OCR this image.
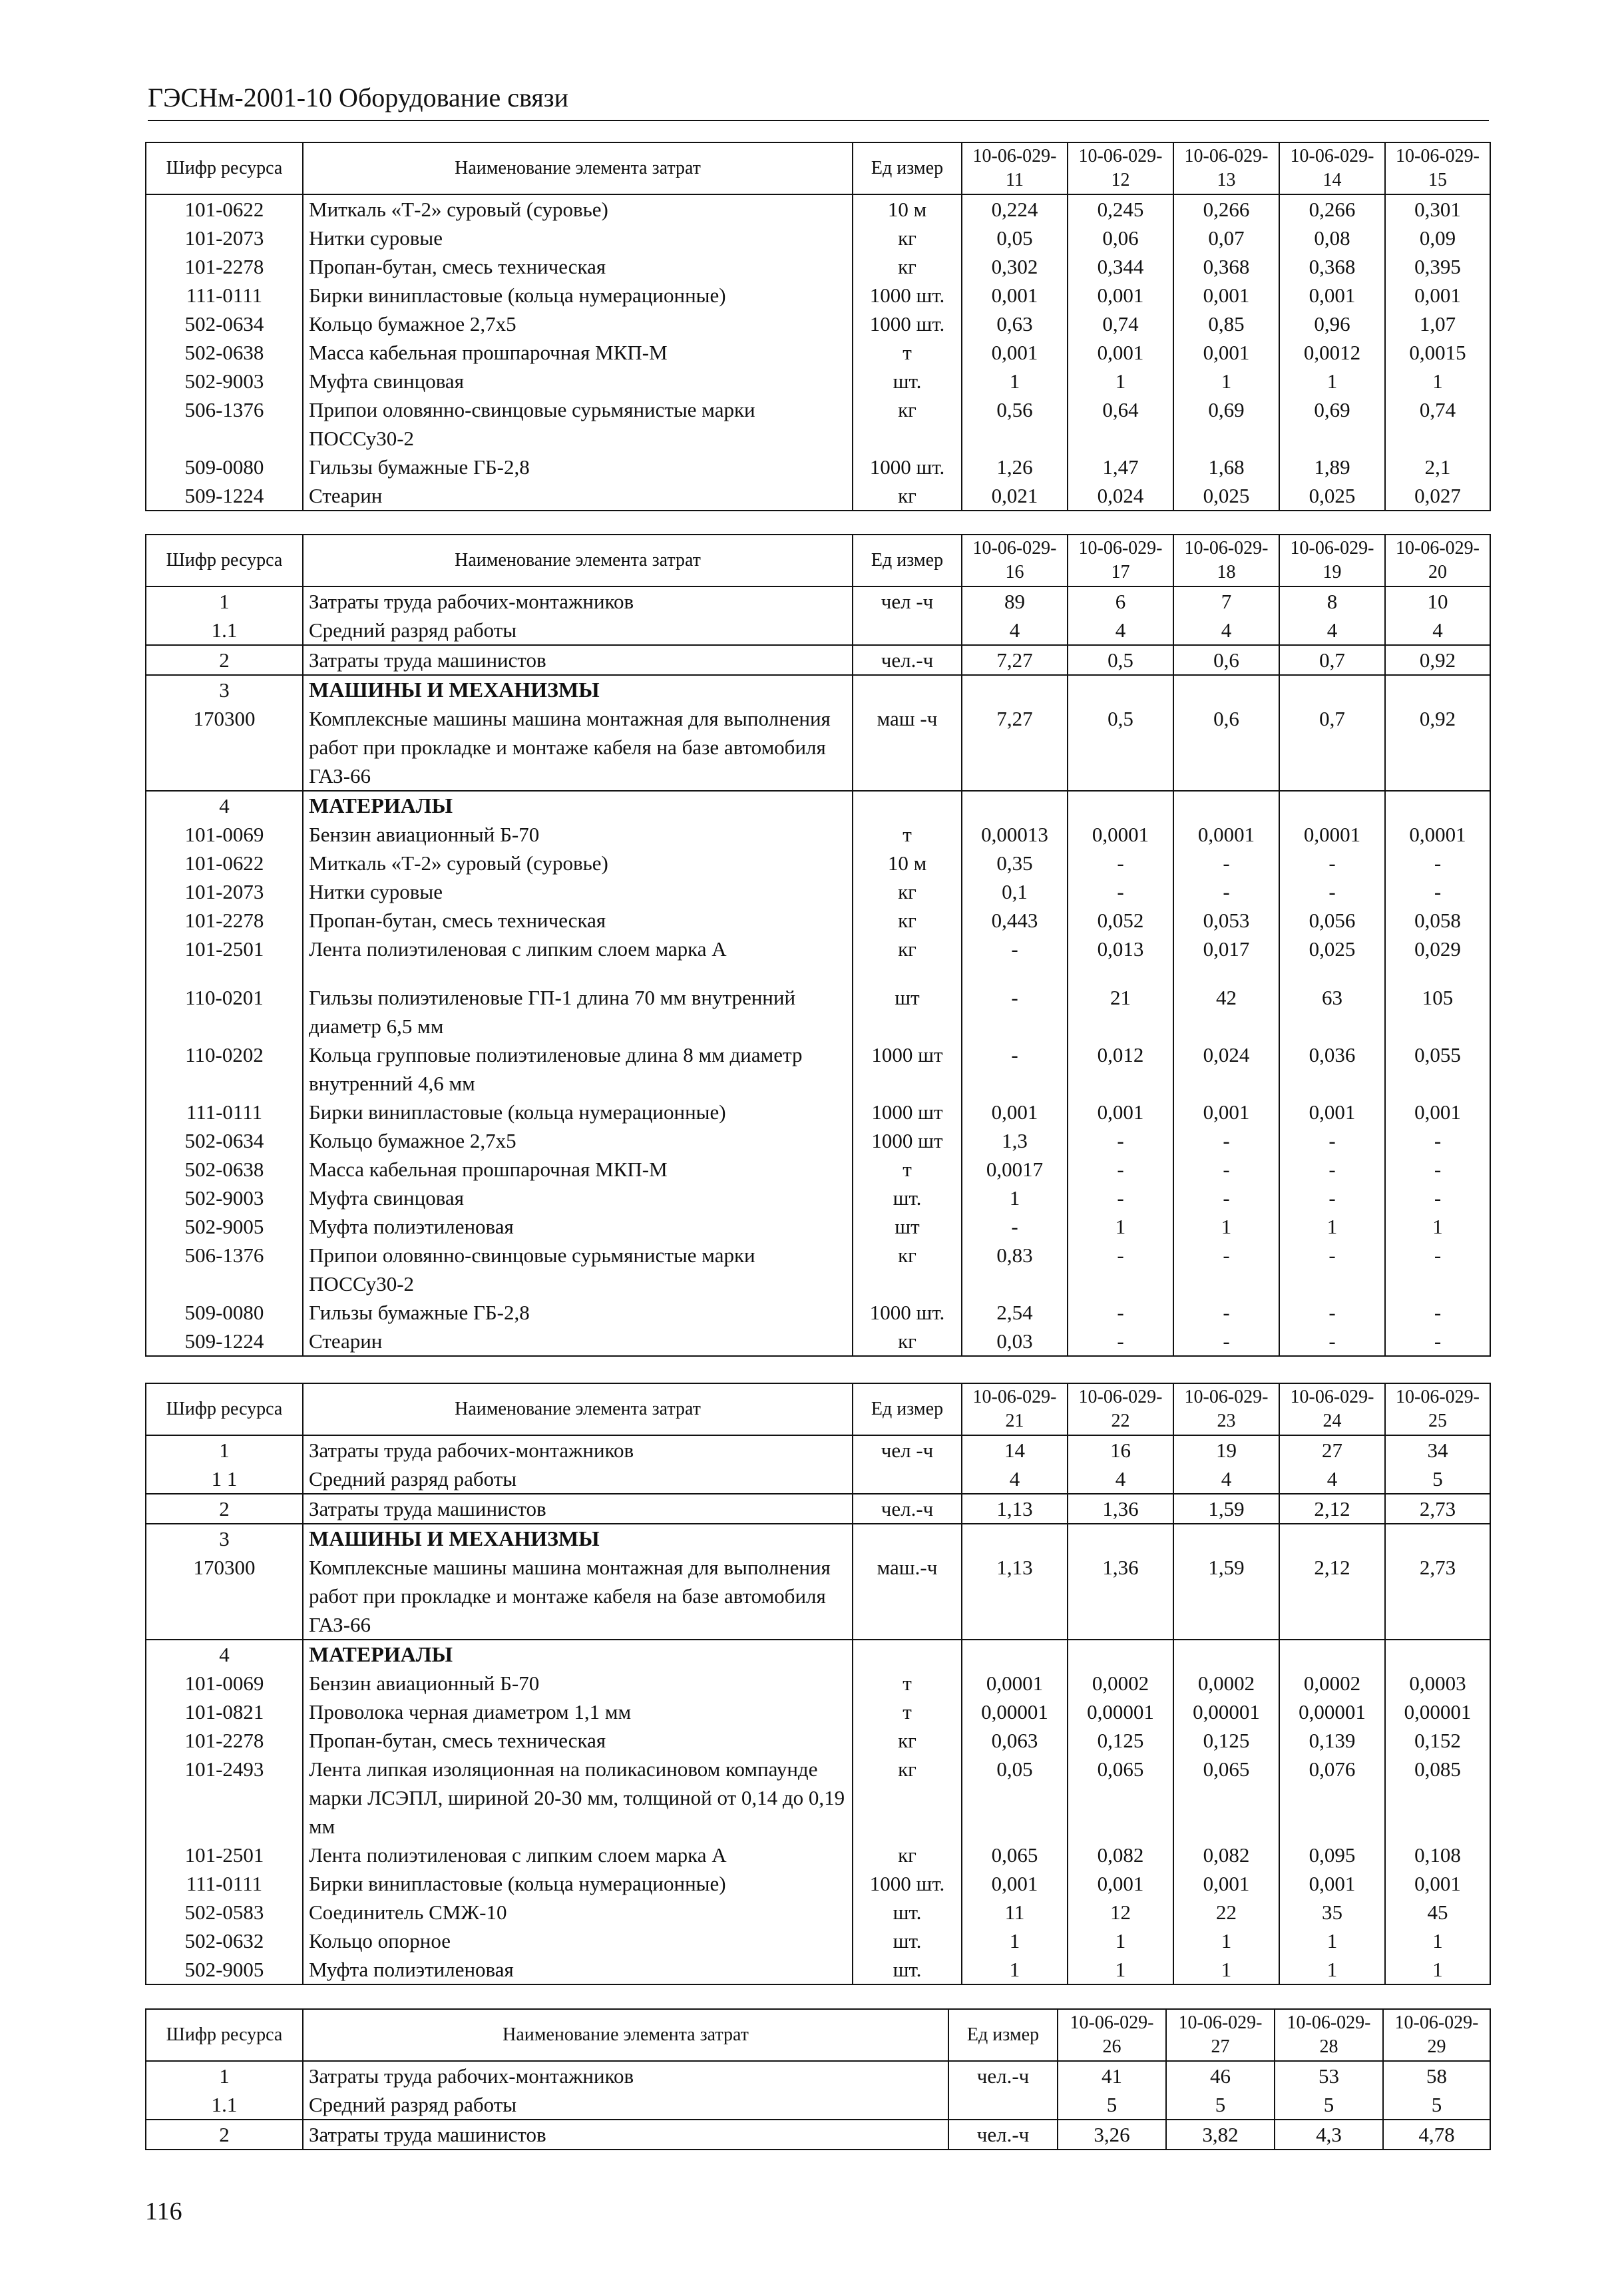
ГЭСНм-2001-10 Оборудование связи
Шифр ресурса	Наименование элемента затрат	Ед измер	10-06-029-11	10-06-029-12	10-06-029-13	10-06-029-14	10-06-029-15
101-0622	Миткаль «Т-2» суровый (суровье)	10 м	0,224	0,245	0,266	0,266	0,301
101-2073	Нитки суровые	кг	0,05	0,06	0,07	0,08	0,09
101-2278	Пропан-бутан, смесь техническая	кг	0,302	0,344	0,368	0,368	0,395
111-0111	Бирки винипластовые (кольца нумерационные)	1000 шт.	0,001	0,001	0,001	0,001	0,001
502-0634	Кольцо бумажное 2,7х5	1000 шт.	0,63	0,74	0,85	0,96	1,07
502-0638	Масса кабельная прошпарочная МКП-М	т	0,001	0,001	0,001	0,0012	0,0015
502-9003	Муфта свинцовая	шт.	1	1	1	1	1
506-1376	Припои оловянно-свинцовые сурьмянистые марки ПОССу30-2	кг	0,56	0,64	0,69	0,69	0,74
509-0080	Гильзы бумажные ГБ-2,8	1000 шт.	1,26	1,47	1,68	1,89	2,1
509-1224	Стеарин	кг	0,021	0,024	0,025	0,025	0,027
Шифр ресурса	Наименование элемента затрат	Ед измер	10-06-029-16	10-06-029-17	10-06-029-18	10-06-029-19	10-06-029-20
1	Затраты труда рабочих-монтажников	чел -ч	89	6	7	8	10
1.1	Средний разряд работы		4	4	4	4	4
2	Затраты труда машинистов	чел.-ч	7,27	0,5	0,6	0,7	0,92
3	МАШИНЫ И МЕХАНИЗМЫ						
170300	Комплексные машины машина монтажная для выполнения работ при прокладке и монтаже кабеля на базе автомобиля ГАЗ-66	маш -ч	7,27	0,5	0,6	0,7	0,92
4	МАТЕРИАЛЫ						
101-0069	Бензин авиационный Б-70	т	0,00013	0,0001	0,0001	0,0001	0,0001
101-0622	Миткаль «Т-2» суровый (суровье)	10 м	0,35	-	-	-	-
101-2073	Нитки суровые	кг	0,1	-	-	-	-
101-2278	Пропан-бутан, смесь техническая	кг	0,443	0,052	0,053	0,056	0,058
101-2501	Лента полиэтиленовая с липким слоем марка А	кг	-	0,013	0,017	0,025	0,029

110-0201	Гильзы полиэтиленовые ГП-1 длина 70 мм внутренний диаметр 6,5 мм	шт	-	21	42	63	105
110-0202	Кольца групповые полиэтиленовые длина 8 мм диаметр внутренний 4,6 мм	1000 шт	-	0,012	0,024	0,036	0,055
111-0111	Бирки винипластовые (кольца нумерационные)	1000 шт	0,001	0,001	0,001	0,001	0,001
502-0634	Кольцо бумажное 2,7х5	1000 шт	1,3	-	-	-	-
502-0638	Масса кабельная прошпарочная МКП-М	т	0,0017	-	-	-	-
502-9003	Муфта свинцовая	шт.	1	-	-	-	-
502-9005	Муфта полиэтиленовая	шт	-	1	1	1	1
506-1376	Припои оловянно-свинцовые сурьмянистые марки ПОССу30-2	кг	0,83	-	-	-	-
509-0080	Гильзы бумажные ГБ-2,8	1000 шт.	2,54	-	-	-	-
509-1224	Стеарин	кг	0,03	-	-	-	-
Шифр ресурса	Наименование элемента затрат	Ед измер	10-06-029-21	10-06-029-22	10-06-029-23	10-06-029-24	10-06-029-25
1	Затраты труда рабочих-монтажников	чел -ч	14	16	19	27	34
1 1	Средний разряд работы		4	4	4	4	5
2	Затраты труда машинистов	чел.-ч	1,13	1,36	1,59	2,12	2,73
3	МАШИНЫ И МЕХАНИЗМЫ						
170300	Комплексные машины машина монтажная для выполнения работ при прокладке и монтаже кабеля на базе автомобиля ГАЗ-66	маш.-ч	1,13	1,36	1,59	2,12	2,73
4	МАТЕРИАЛЫ						
101-0069	Бензин авиационный Б-70	т	0,0001	0,0002	0,0002	0,0002	0,0003
101-0821	Проволока черная диаметром 1,1 мм	т	0,00001	0,00001	0,00001	0,00001	0,00001
101-2278	Пропан-бутан, смесь техническая	кг	0,063	0,125	0,125	0,139	0,152
101-2493	Лента липкая изоляционная на поликасиновом компаунде марки ЛСЭПЛ, шириной 20-30 мм, толщиной от 0,14 до 0,19 мм	кг	0,05	0,065	0,065	0,076	0,085
101-2501	Лента полиэтиленовая с липким слоем марка А	кг	0,065	0,082	0,082	0,095	0,108
111-0111	Бирки винипластовые (кольца нумерационные)	1000 шт.	0,001	0,001	0,001	0,001	0,001
502-0583	Соединитель СМЖ-10	шт.	11	12	22	35	45
502-0632	Кольцо опорное	шт.	1	1	1	1	1
502-9005	Муфта полиэтиленовая	шт.	1	1	1	1	1
Шифр ресурса	Наименование элемента затрат	Ед измер	10-06-029-26	10-06-029-27	10-06-029-28	10-06-029-29
1	Затраты труда рабочих-монтажников	чел.-ч	41	46	53	58
1.1	Средний разряд работы		5	5	5	5
2	Затраты труда машинистов	чел.-ч	3,26	3,82	4,3	4,78
116
